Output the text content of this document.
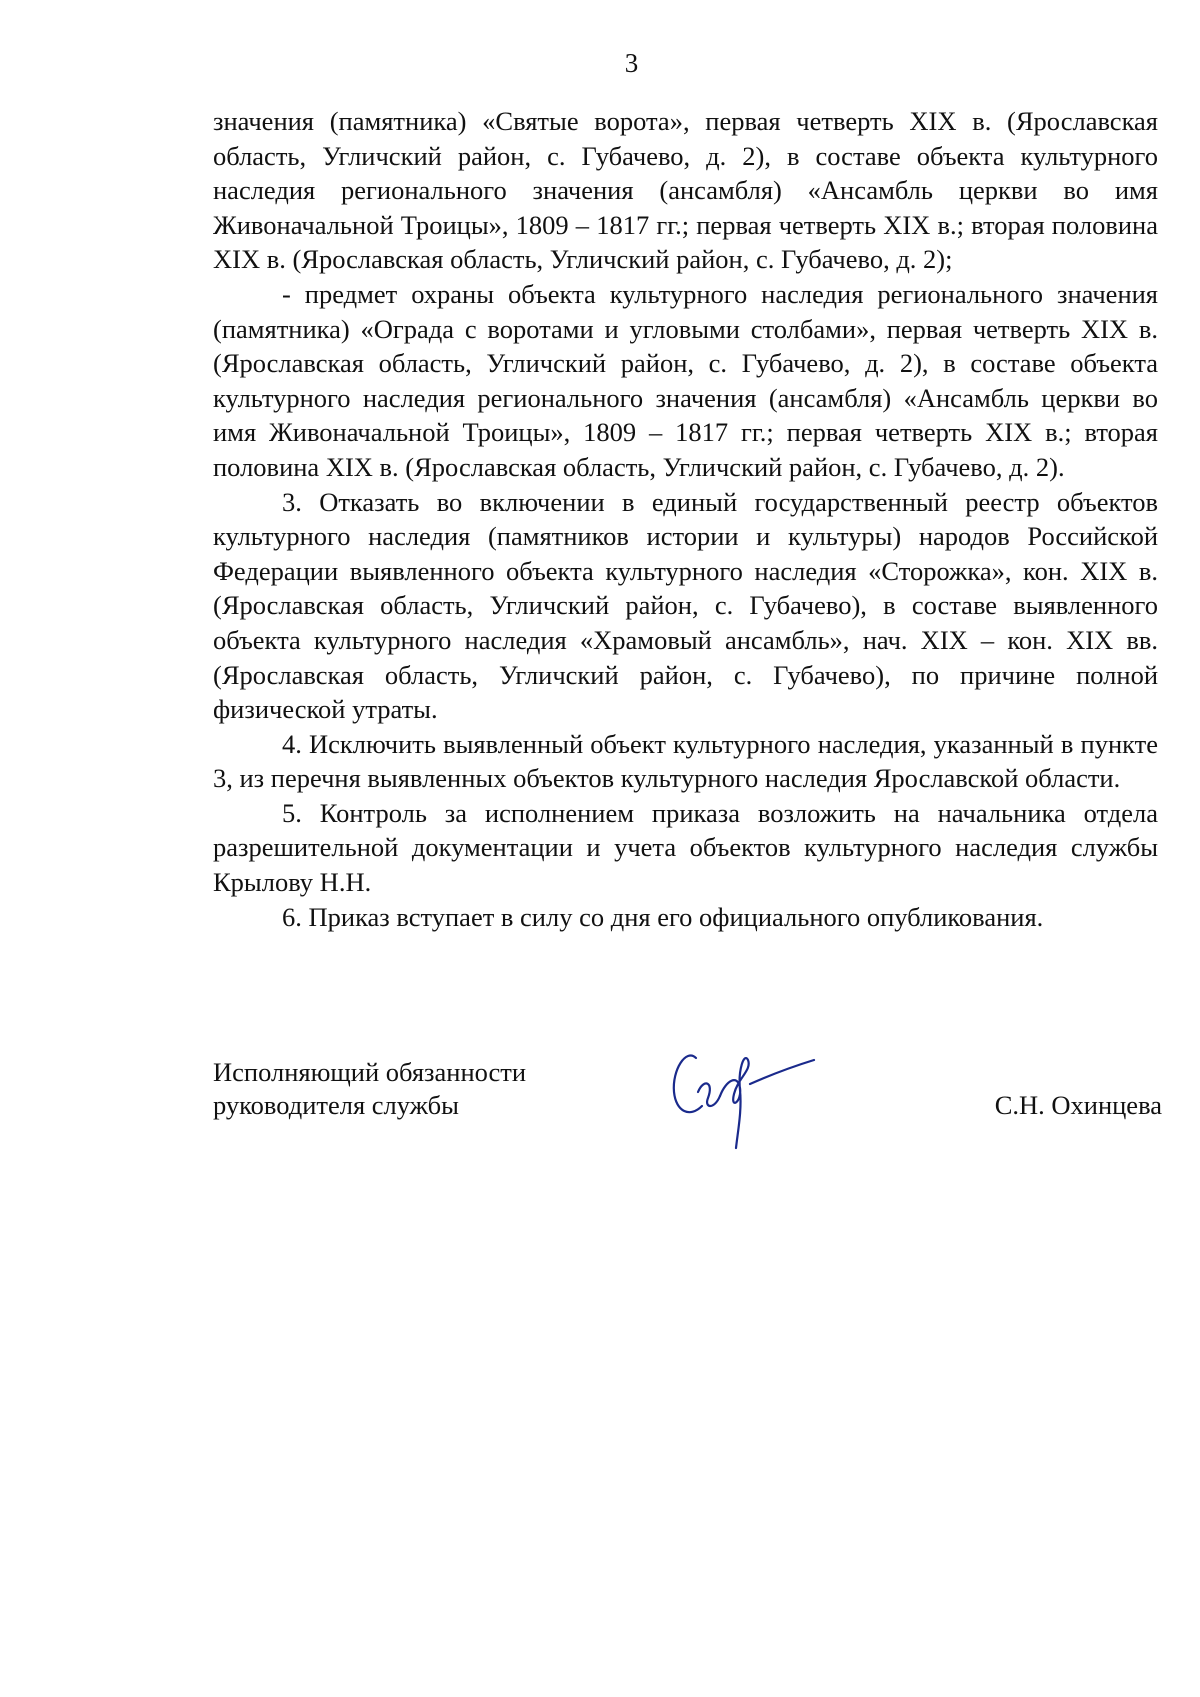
3

значения (памятника) «Святые ворота», первая четверть XIX в. (Ярославская область, Угличский район, с. Губачево, д. 2), в составе объекта культурного наследия регионального значения (ансамбля) «Ансамбль церкви во имя Живоначальной Троицы», 1809 – 1817 гг.; первая четверть XIX в.; вторая половина XIX в. (Ярославская область, Угличский район, с. Губачево, д. 2);

- предмет охраны объекта культурного наследия регионального значения (памятника) «Ограда с воротами и угловыми столбами», первая четверть XIX в. (Ярославская область, Угличский район, с. Губачево, д. 2), в составе объекта культурного наследия регионального значения (ансамбля) «Ансамбль церкви во имя Живоначальной Троицы», 1809 – 1817 гг.; первая четверть XIX в.; вторая половина XIX в. (Ярославская область, Угличский район, с. Губачево, д. 2).

3. Отказать во включении в единый государственный реестр объектов культурного наследия (памятников истории и культуры) народов Российской Федерации выявленного объекта культурного наследия «Сторожка», кон. XIX в. (Ярославская область, Угличский район, с. Губачево), в составе выявленного объекта культурного наследия «Храмовый ансамбль», нач. XIX – кон. XIX вв. (Ярославская область, Угличский район, с. Губачево), по причине полной физической утраты.

4. Исключить выявленный объект культурного наследия, указанный в пункте 3, из перечня выявленных объектов культурного наследия Ярославской области.

5. Контроль за исполнением приказа возложить на начальника отдела разрешительной документации и учета объектов культурного наследия службы Крылову Н.Н.

6. Приказ вступает в силу со дня его официального опубликования.

Исполняющий обязанности
руководителя службы	С.Н. Охинцева
